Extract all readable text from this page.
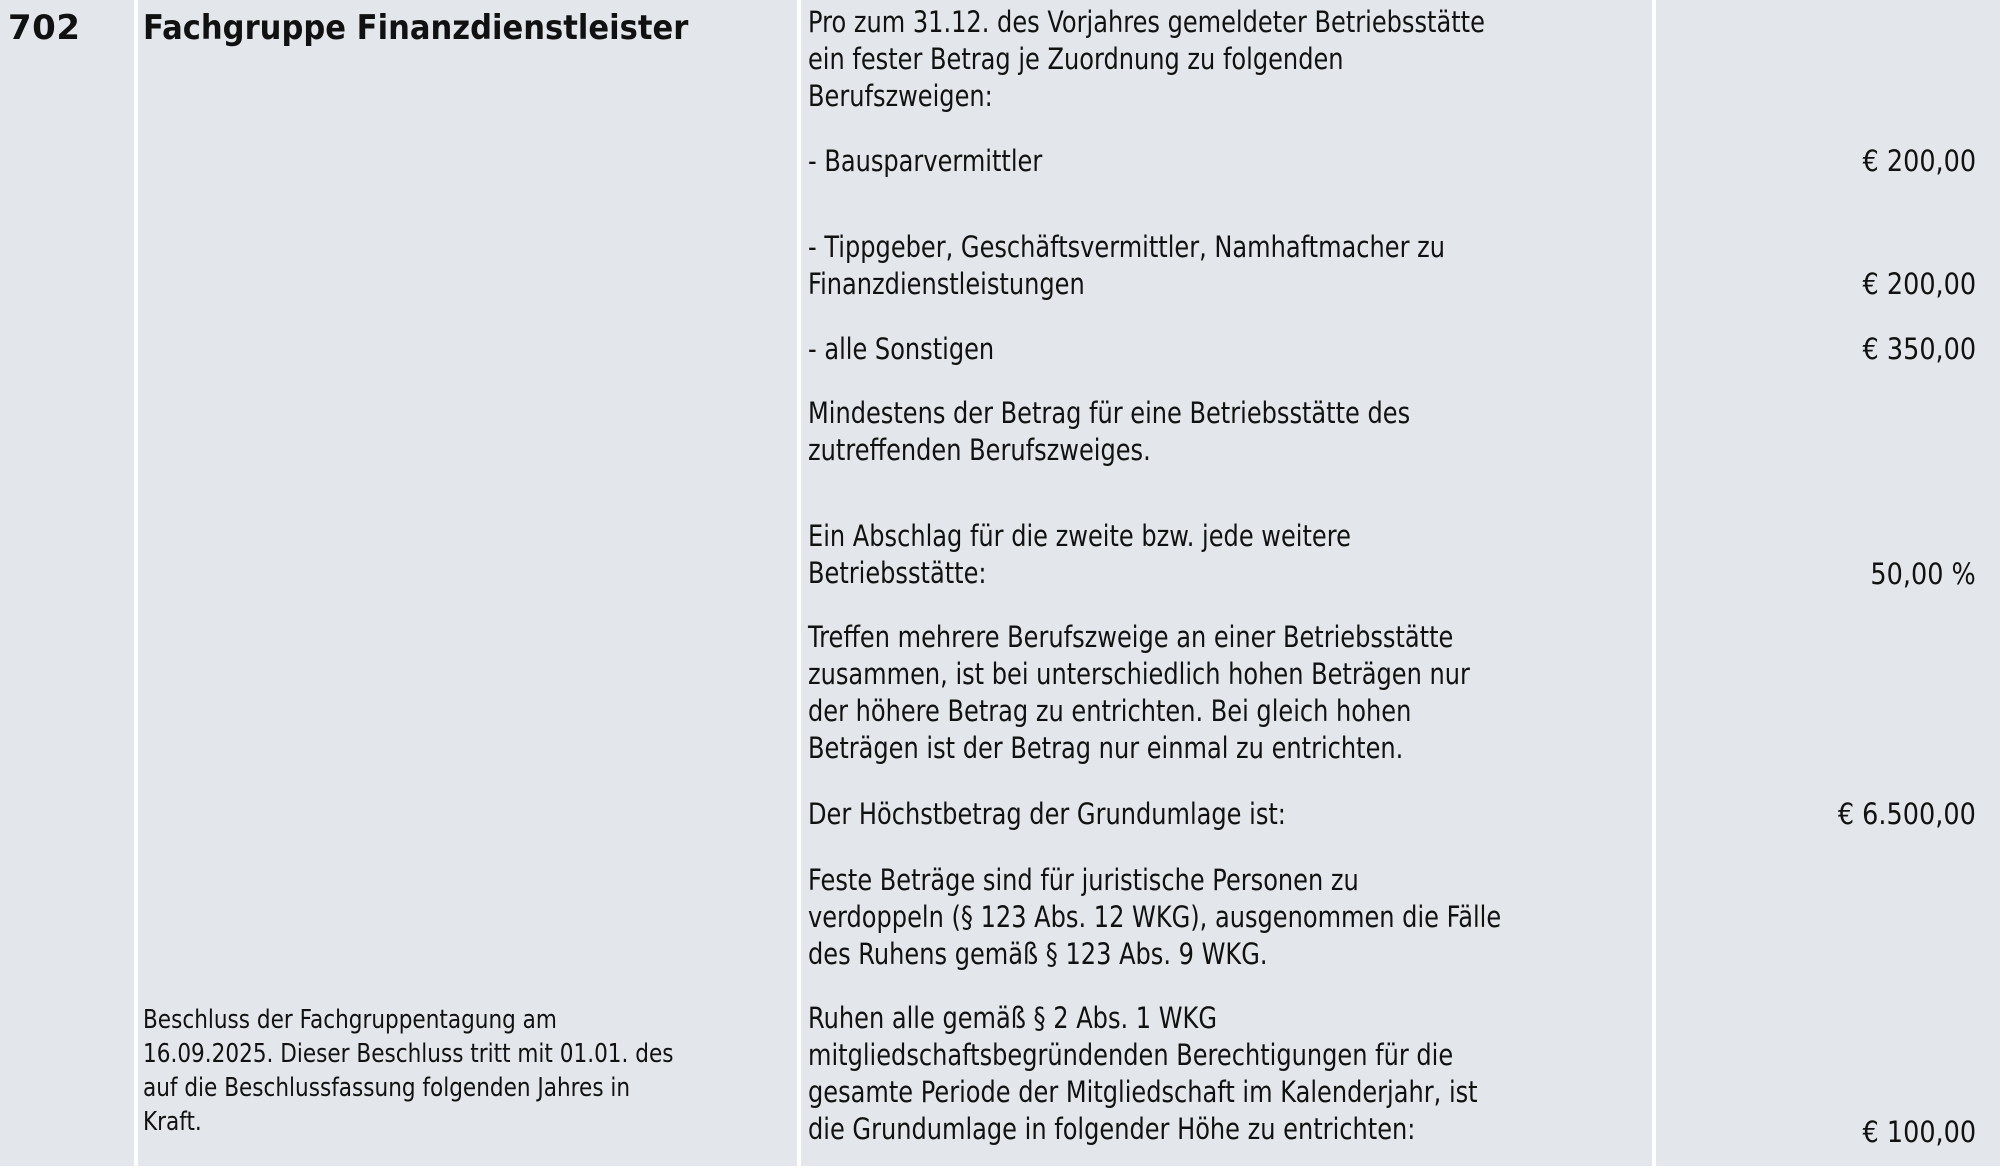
702 Fachgruppe Finanzdienstleister
Beschluss der Fachgruppentagung am
16.09.2025. Dieser Beschluss tritt mit 01.01. des
auf die Beschlussfassung folgenden Jahres in
Kraft.
Pro zum 31.12. des Vorjahres gemeldeter Betriebsstätte
ein fester Betrag je Zuordnung zu folgenden
Berufszweigen:
- Bausparvermittler	€ 200,00
- Tippgeber, Geschäftsvermittler, Namhaftmacher zu
Finanzdienstleistungen	€ 200,00
- alle Sonstigen	€ 350,00
Mindestens der Betrag für eine Betriebsstätte des
zutreffenden Berufszweiges.
Ein Abschlag für die zweite bzw. jede weitere
Betriebsstätte:	50,00 %
Treffen mehrere Berufszweige an einer Betriebsstätte
zusammen, ist bei unterschiedlich hohen Beträgen nur
der höhere Betrag zu entrichten. Bei gleich hohen
Beträgen ist der Betrag nur einmal zu entrichten.
Der Höchstbetrag der Grundumlage ist:	€ 6.500,00
Feste Beträge sind für juristische Personen zu
verdoppeln (§ 123 Abs. 12 WKG), ausgenommen die Fälle
des Ruhens gemäß § 123 Abs. 9 WKG.
Ruhen alle gemäß § 2 Abs. 1 WKG
mitgliedschaftsbegründenden Berechtigungen für die
gesamte Periode der Mitgliedschaft im Kalenderjahr, ist
die Grundumlage in folgender Höhe zu entrichten:	€ 100,00
